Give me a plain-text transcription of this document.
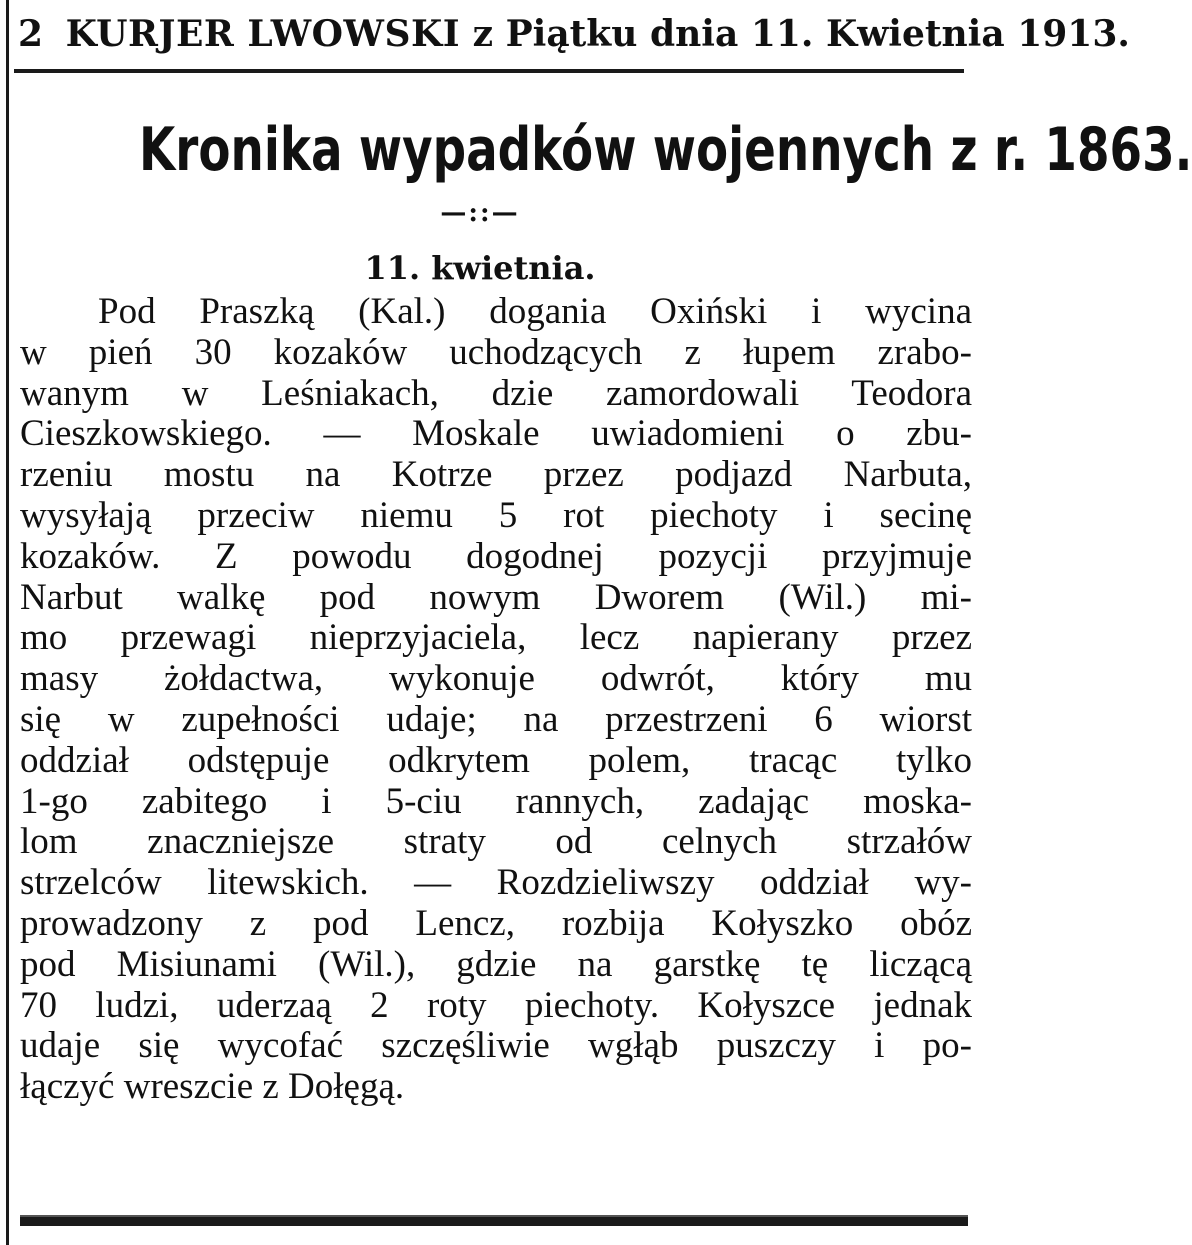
2 KURJER LWOWSKI z Piątku dnia 11. Kwietnia 1913.
Kronika wypadków wojennych z r. 1863.
—::—
11. kwietnia.
Pod Praszką (Kal.) dogania Oxiński i wycina
w pień 30 kozaków uchodzących z łupem zrabo-
wanym w Leśniakach, dzie zamordowali Teodora
Cieszkowskiego. — Moskale uwiadomieni o zbu-
rzeniu mostu na Kotrze przez podjazd Narbuta,
wysyłają przeciw niemu 5 rot piechoty i secinę
kozaków. Z powodu dogodnej pozycji przyjmuje
Narbut walkę pod nowym Dworem (Wil.) mi-
mo przewagi nieprzyjaciela, lecz napierany przez
masy żołdactwa, wykonuje odwrót, który mu
się w zupełności udaje; na przestrzeni 6 wiorst
oddział odstępuje odkrytem polem, tracąc tylko
1-go zabitego i 5-ciu rannych, zadając moska-
lom znaczniejsze straty od celnych strzałów
strzelców litewskich. — Rozdzieliwszy oddział wy-
prowadzony z pod Lencz, rozbija Kołyszko obóz
pod Misiunami (Wil.), gdzie na garstkę tę liczącą
70 ludzi, uderzaą 2 roty piechoty. Kołyszce jednak
udaje się wycofać szczęśliwie wgłąb puszczy i po-
łączyć wreszcie z Dołęgą.
